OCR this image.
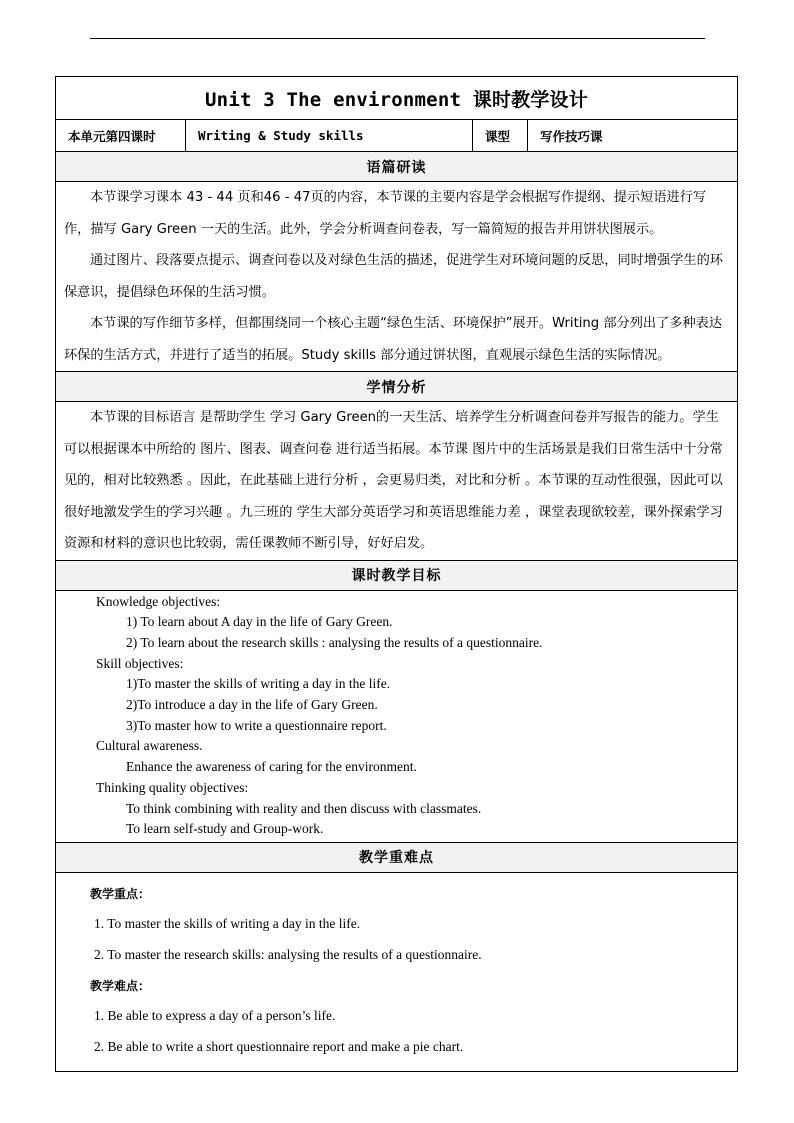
Unit 3 The environment 课时教学设计
本单元第四课时	Writing & Study skills	课型	写作技巧课
语篇研读

本节课学习课本 43 - 44 页和46 - 47页的内容，本节课的主要内容是学会根据写作提纲、提示短语进行写作，描写 Gary Green 一天的生活。此外，学会分析调查问卷表，写一篇简短的报告并用饼状图展示。

通过图片、段落要点提示、调查问卷以及对绿色生活的描述，促进学生对环境问题的反思，同时增强学生的环保意识，提倡绿色环保的生活习惯。

本节课的写作细节多样，但都围绕同一个核心主题“绿色生活、环境保护”展开。Writing 部分列出了多种表达环保的生活方式，并进行了适当的拓展。Study skills 部分通过饼状图，直观展示绿色生活的实际情况。

学情分析

本节课的目标语言 是帮助学生 学习 Gary Green的一天生活、培养学生分析调查问卷并写报告的能力。学生可以根据课本中所给的 图片、图表、调查问卷 进行适当拓展。本节课 图片中的生活场景是我们日常生活中十分常见的，相对比较熟悉 。因此，在此基础上进行分析 ，会更易归类，对比和分析 。本节课的互动性很强，因此可以 很好地激发学生的学习兴趣 。九三班的 学生大部分英语学习和英语思维能力差 ，课堂表现欲较差，课外探索学习资源和材料的意识也比较弱，需任课教师不断引导，好好启发。

课时教学目标
Knowledge objectives:
1) To learn about A day in the life of Gary Green.
2) To learn about the research skills : analysing the results of a questionnaire.
Skill objectives:
1)To master the skills of writing a day in the life.
2)To introduce a day in the life of Gary Green.
3)To master how to write a questionnaire report.
Cultural awareness.
Enhance the awareness of caring for the environment.
Thinking quality objectives:
To think combining with reality and then discuss with classmates.
To learn self-study and Group-work.
教学重难点
教学重点：
1. To master the skills of writing a day in the life.
2. To master the research skills: analysing the results of a questionnaire.
教学难点：
1. Be able to express a day of a person’s life.
2. Be able to write a short questionnaire report and make a pie chart.
